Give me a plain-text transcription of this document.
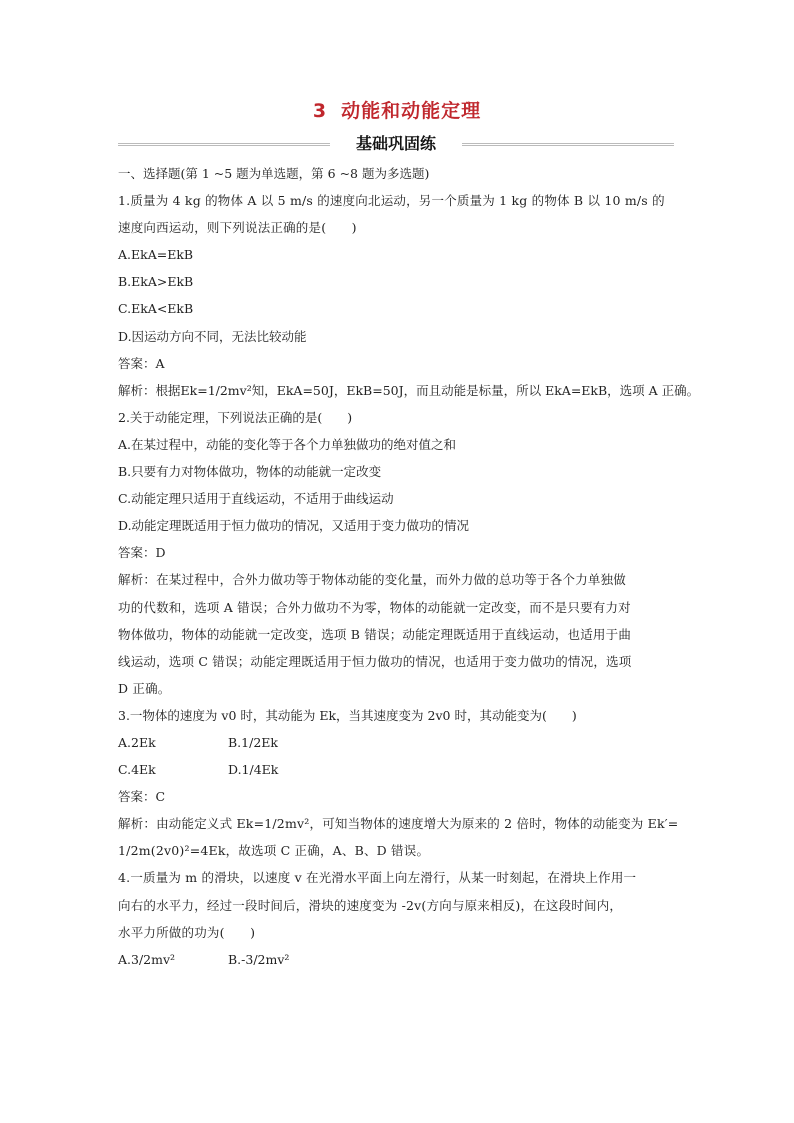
3 动能和动能定理
基础巩固练
一、选择题(第 1 ~5 题为单选题，第 6 ~8 题为多选题)
1.质量为 4 kg 的物体 A 以 5 m/s 的速度向北运动，另一个质量为 1 kg 的物体 B 以 10 m/s 的
速度向西运动，则下列说法正确的是(　　)
A.EkA=EkB
B.EkA>EkB
C.EkA<EkB
D.因运动方向不同，无法比较动能
答案：A
解析：根据Ek=1/2mv²知，EkA=50J，EkB=50J，而且动能是标量，所以 EkA=EkB，选项 A 正确。
2.关于动能定理，下列说法正确的是(　　)
A.在某过程中，动能的变化等于各个力单独做功的绝对值之和
B.只要有力对物体做功，物体的动能就一定改变
C.动能定理只适用于直线运动，不适用于曲线运动
D.动能定理既适用于恒力做功的情况，又适用于变力做功的情况
答案：D
解析：在某过程中，合外力做功等于物体动能的变化量，而外力做的总功等于各个力单独做
功的代数和，选项 A 错误；合外力做功不为零，物体的动能就一定改变，而不是只要有力对
物体做功，物体的动能就一定改变，选项 B 错误；动能定理既适用于直线运动，也适用于曲
线运动，选项 C 错误；动能定理既适用于恒力做功的情况，也适用于变力做功的情况，选项
D 正确。
3.一物体的速度为 v0 时，其动能为 Ek，当其速度变为 2v0 时，其动能变为(　　)
A.2Ek	B.1/2Ek
C.4Ek	D.1/4Ek
答案：C
解析：由动能定义式 Ek=1/2mv²，可知当物体的速度增大为原来的 2 倍时，物体的动能变为 Ek′=
1/2m(2v0)²=4Ek，故选项 C 正确，A、B、D 错误。
4.一质量为 m 的滑块，以速度 v 在光滑水平面上向左滑行，从某一时刻起，在滑块上作用一
向右的水平力，经过一段时间后，滑块的速度变为 -2v(方向与原来相反)，在这段时间内，
水平力所做的功为(　　)
A.3/2mv²	B.-3/2mv²
